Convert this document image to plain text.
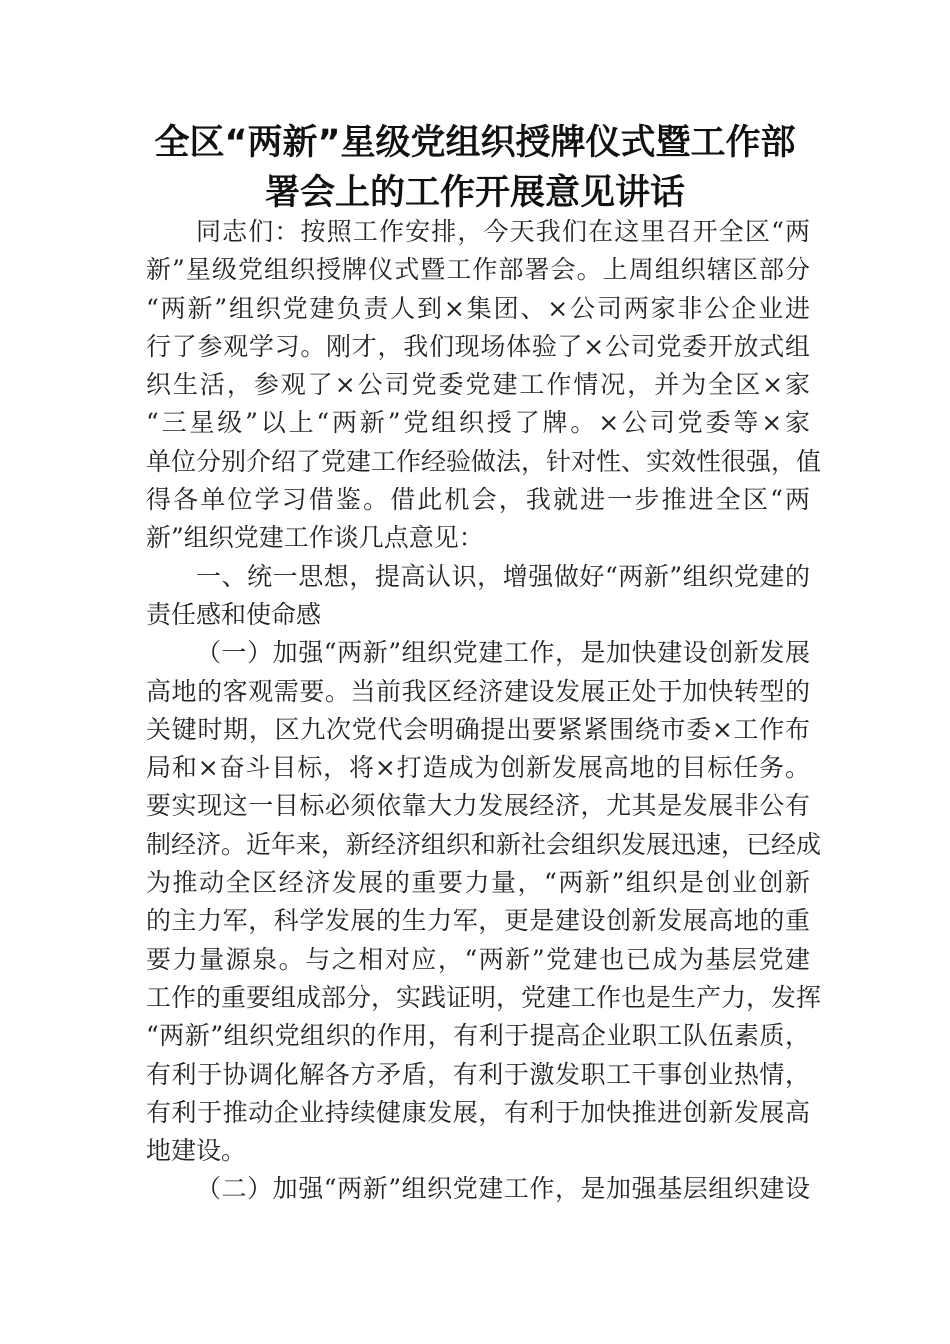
全区“两新”星级党组织授牌仪式暨工作部
署会上的工作开展意见讲话
同志们：按照工作安排，今天我们在这里召开全区“两
新”星级党组织授牌仪式暨工作部署会。上周组织辖区部分
“两新”组织党建负责人到×集团、×公司两家非公企业进
行了参观学习。刚才，我们现场体验了×公司党委开放式组
织生活，参观了×公司党委党建工作情况，并为全区×家
“三星级”以上“两新”党组织授了牌。×公司党委等×家
单位分别介绍了党建工作经验做法，针对性、实效性很强，值
得各单位学习借鉴。借此机会，我就进一步推进全区“两
新”组织党建工作谈几点意见：
一、统一思想，提高认识，增强做好“两新”组织党建的
责任感和使命感
（一）加强“两新”组织党建工作，是加快建设创新发展
高地的客观需要。当前我区经济建设发展正处于加快转型的
关键时期，区九次党代会明确提出要紧紧围绕市委×工作布
局和×奋斗目标，将×打造成为创新发展高地的目标任务。
要实现这一目标必须依靠大力发展经济，尤其是发展非公有
制经济。近年来，新经济组织和新社会组织发展迅速，已经成
为推动全区经济发展的重要力量，“两新”组织是创业创新
的主力军，科学发展的生力军，更是建设创新发展高地的重
要力量源泉。与之相对应，“两新”党建也已成为基层党建
工作的重要组成部分，实践证明，党建工作也是生产力，发挥
“两新”组织党组织的作用，有利于提高企业职工队伍素质，
有利于协调化解各方矛盾，有利于激发职工干事创业热情，
有利于推动企业持续健康发展，有利于加快推进创新发展高
地建设。
（二）加强“两新”组织党建工作，是加强基层组织建设
